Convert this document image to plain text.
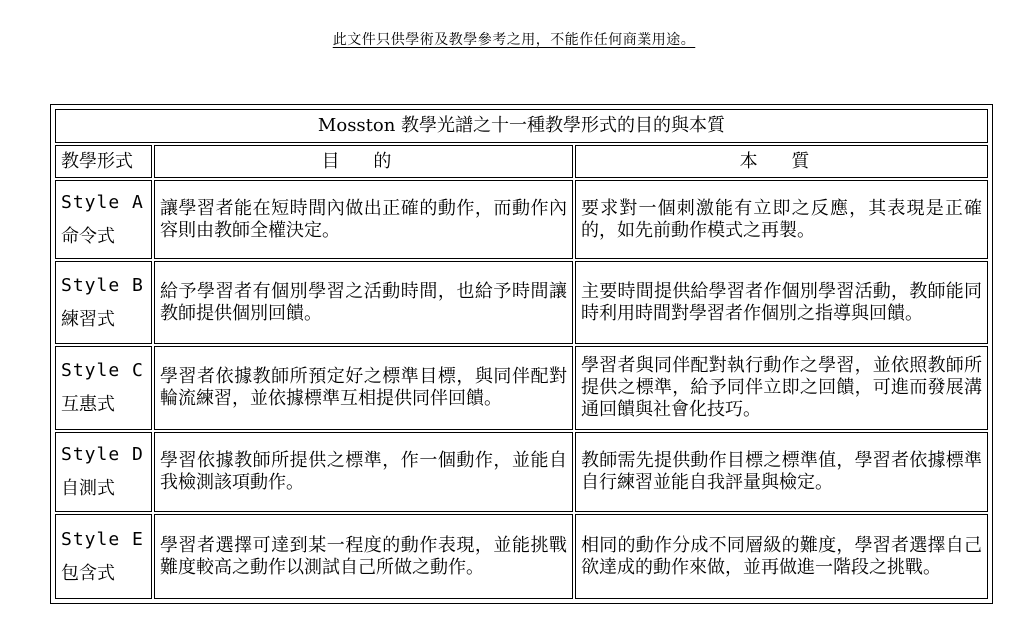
此文件只供學術及教學參考之用，不能作任何商業用途。
Mosston 教學光譜之十一種教學形式的目的與本質		
教學形式	目 的	本 質

Style A
命令式	讓學習者能在短時間內做出正確的動作，而動作內容則由教師全權決定。	要求對一個刺激能有立即之反應，其表現是正確的，如先前動作模式之再製。

Style B
練習式	給予學習者有個別學習之活動時間，也給予時間讓教師提供個別回饋。	主要時間提供給學習者作個別學習活動，教師能同時利用時間對學習者作個別之指導與回饋。

Style C
互惠式	學習者依據教師所預定好之標準目標，與同伴配對輪流練習，並依據標準互相提供同伴回饋。	學習者與同伴配對執行動作之學習，並依照教師所提供之標準，給予同伴立即之回饋，可進而發展溝通回饋與社會化技巧。

Style D
自測式	學習依據教師所提供之標準，作一個動作，並能自我檢測該項動作。	教師需先提供動作目標之標準值，學習者依據標準自行練習並能自我評量與檢定。

Style E
包含式	學習者選擇可達到某一程度的動作表現，並能挑戰難度較高之動作以測試自己所做之動作。	相同的動作分成不同層級的難度，學習者選擇自己欲達成的動作來做，並再做進一階段之挑戰。
